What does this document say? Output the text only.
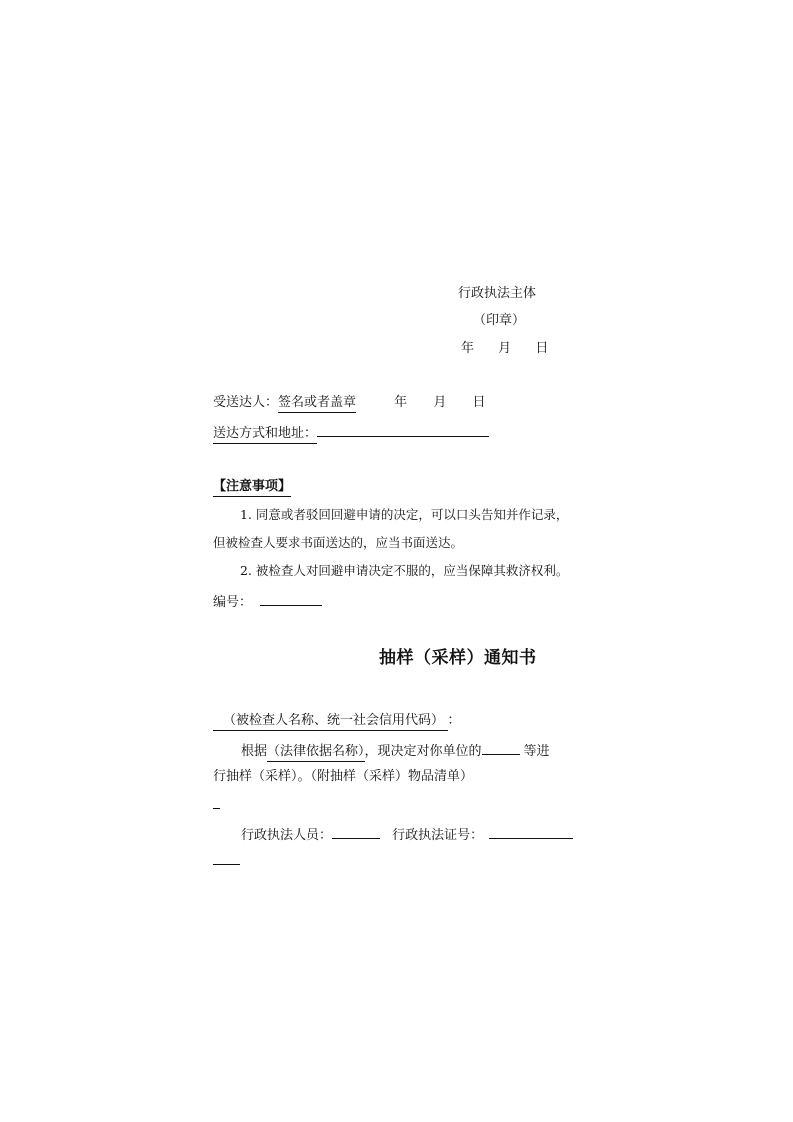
行政执法主体
（印章）
年 月 日
受送达人：签名或者盖章	年 月 日
送达方式和地址：
【注意事项】
1. 同意或者驳回回避申请的决定，可以口头告知并作记录，
但被检查人要求书面送达的，应当书面送达。
2. 被检查人对回避申请决定不服的，应当保障其救济权利。
编号：
抽样（采样）通知书
（被检查人名称、统一社会信用代码） ：
根据（法律依据名称），现决定对你单位的	等进
行抽样（采样）。（附抽样（采样）物品清单）
行政执法人员：	行政执法证号：
